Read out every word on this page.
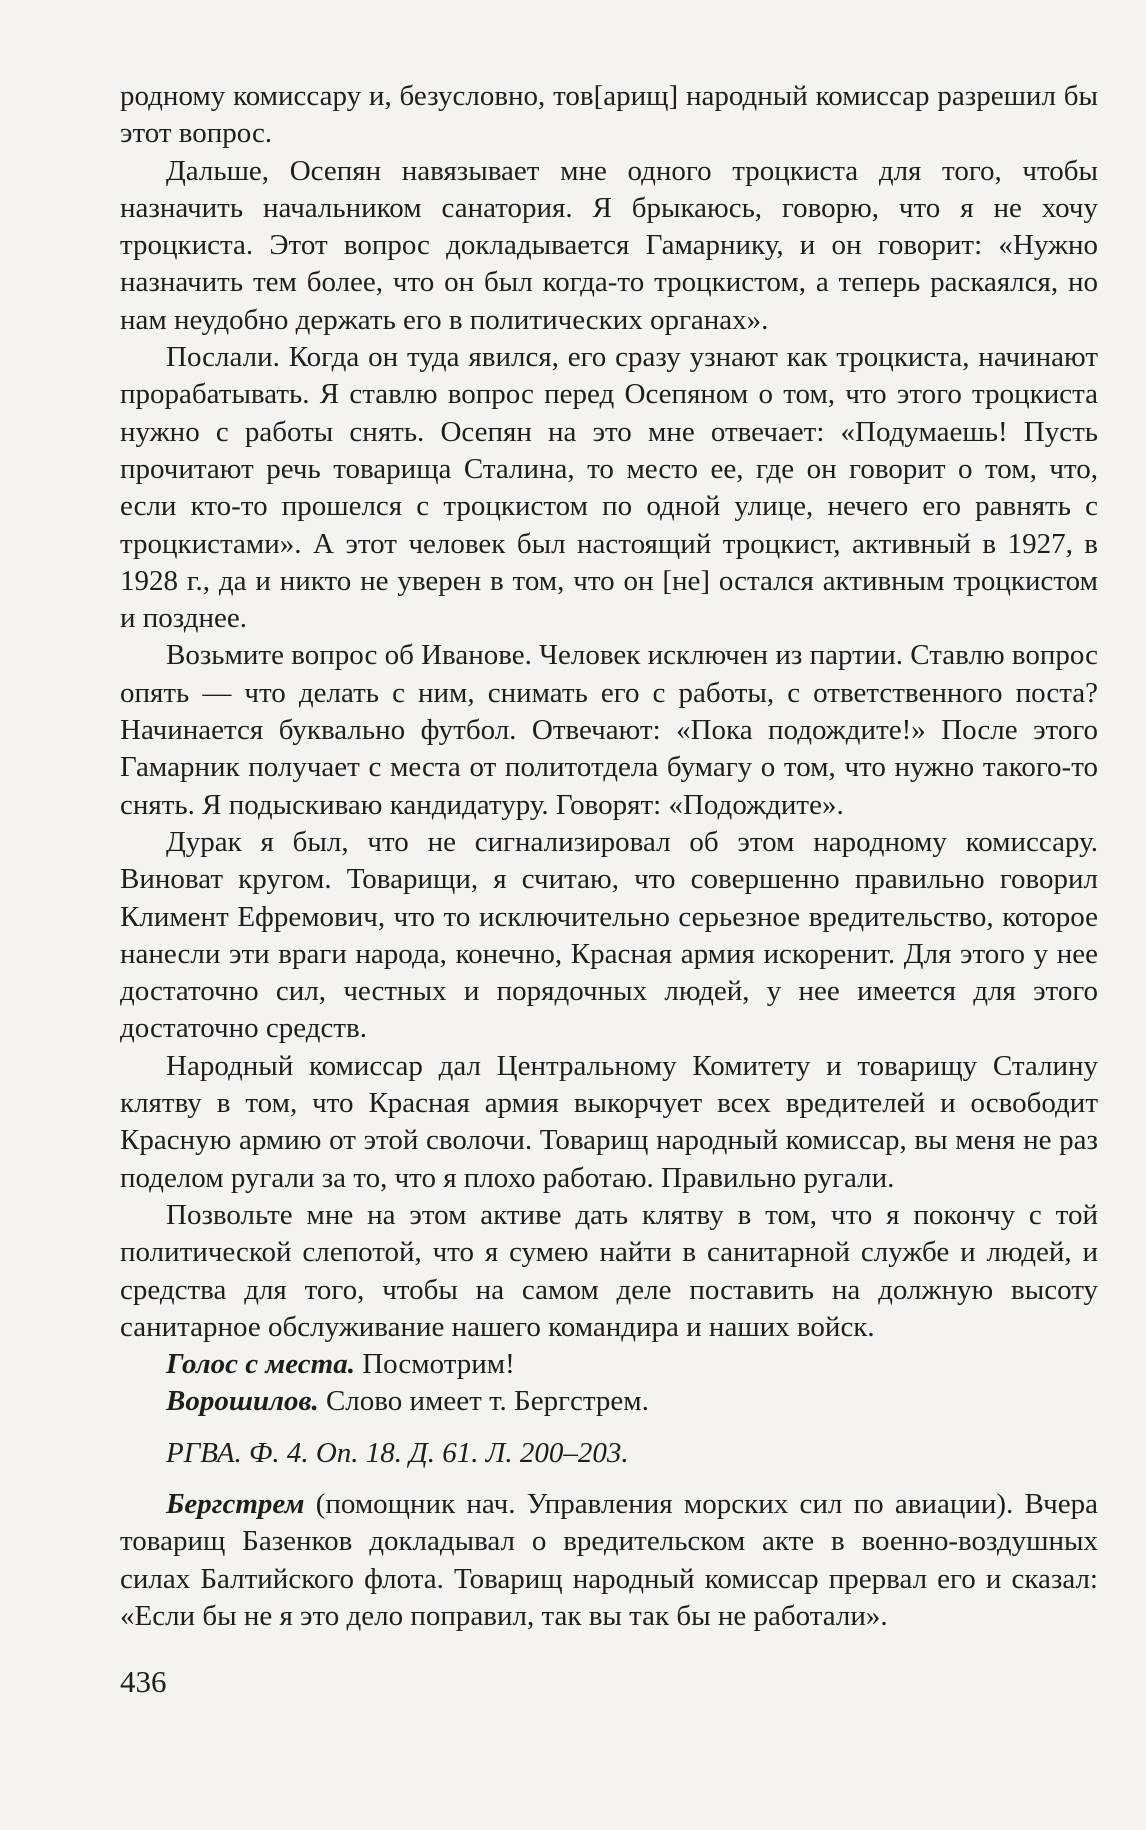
родному комиссару и, безусловно, тов[арищ] народный комиссар разрешил бы этот вопрос.

Дальше, Осепян навязывает мне одного троцкиста для того, чтобы назначить начальником санатория. Я брыкаюсь, говорю, что я не хочу троцкиста. Этот вопрос докладывается Гамарнику, и он говорит: «Нужно назначить тем более, что он был когда-то троцкистом, а теперь раскаялся, но нам неудобно держать его в политических органах».

Послали. Когда он туда явился, его сразу узнают как троцкиста, начинают прорабатывать. Я ставлю вопрос перед Осепяном о том, что этого троцкиста нужно с работы снять. Осепян на это мне отвечает: «Подумаешь! Пусть прочитают речь товарища Сталина, то место ее, где он говорит о том, что, если кто-то прошелся с троцкистом по одной улице, нечего его равнять с троцкистами». А этот человек был настоящий троцкист, активный в 1927, в 1928 г., да и никто не уверен в том, что он [не] остался активным троцкистом и позднее.

Возьмите вопрос об Иванове. Человек исключен из партии. Ставлю вопрос опять — что делать с ним, снимать его с работы, с ответственного поста? Начинается буквально футбол. Отвечают: «Пока подождите!» После этого Гамарник получает с места от политотдела бумагу о том, что нужно такого-то снять. Я подыскиваю кандидатуру. Говорят: «Подождите».

Дурак я был, что не сигнализировал об этом народному комиссару. Виноват кругом. Товарищи, я считаю, что совершенно правильно говорил Климент Ефремович, что то исключительно серьезное вредительство, которое нанесли эти враги народа, конечно, Красная армия искоренит. Для этого у нее достаточно сил, честных и порядочных людей, у нее имеется для этого достаточно средств.

Народный комиссар дал Центральному Комитету и товарищу Сталину клятву в том, что Красная армия выкорчует всех вредителей и освободит Красную армию от этой сволочи. Товарищ народный комиссар, вы меня не раз поделом ругали за то, что я плохо работаю. Правильно ругали.

Позвольте мне на этом активе дать клятву в том, что я покончу с той политической слепотой, что я сумею найти в санитарной службе и людей, и средства для того, чтобы на самом деле поставить на должную высоту санитарное обслуживание нашего командира и наших войск.

Голос с места. Посмотрим!

Ворошилов. Слово имеет т. Бергстрем.

РГВА. Ф. 4. Оп. 18. Д. 61. Л. 200–203.

Бергстрем (помощник нач. Управления морских сил по авиации). Вчера товарищ Базенков докладывал о вредительском акте в военно-воздушных силах Балтийского флота. Товарищ народный комиссар прервал его и сказал: «Если бы не я это дело поправил, так вы так бы не работали».

436
